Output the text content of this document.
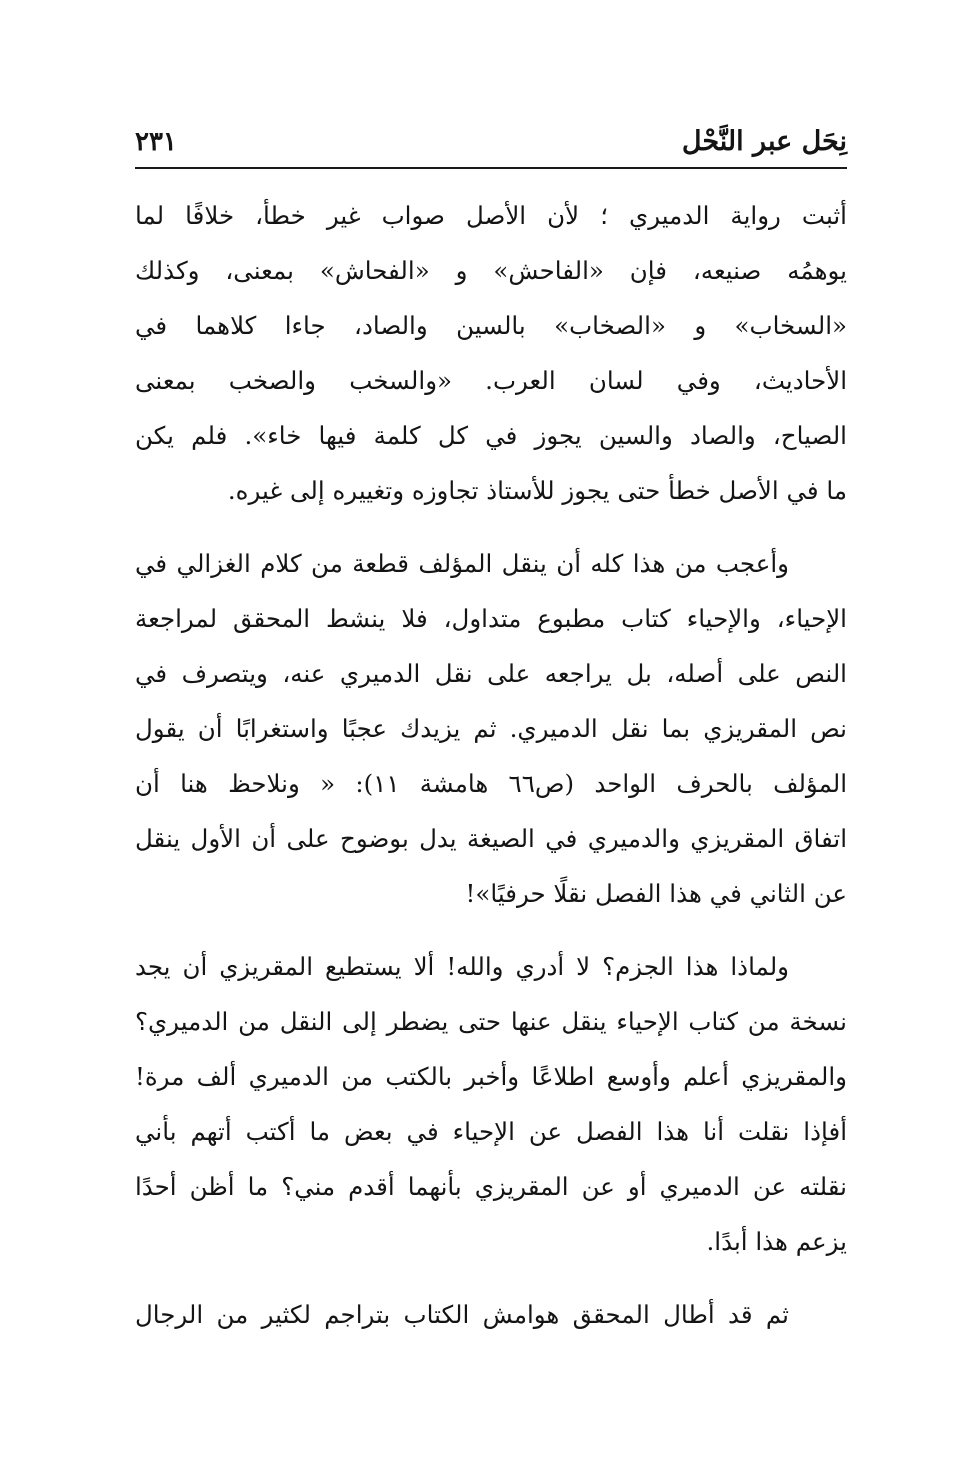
نِحَل عبر النَّحْل
٢٣١
أثبت رواية الدميري ؛ لأن الأصل صواب غير خطأ، خلافًا لما
يوهمُه صنيعه، فإن «الفاحش» و «الفحاش» بمعنى، وكذلك
«السخاب» و «الصخاب» بالسين والصاد، جاءا كلاهما في
الأحاديث، وفي لسان العرب. «والسخب والصخب بمعنى
الصياح، والصاد والسين يجوز في كل كلمة فيها خاء». فلم يكن
ما في الأصل خطأ حتى يجوز للأستاذ تجاوزه وتغييره إلى غيره.
وأعجب من هذا كله أن ينقل المؤلف قطعة من كلام الغزالي في
الإحياء، والإحياء كتاب مطبوع متداول، فلا ينشط المحقق لمراجعة
النص على أصله، بل يراجعه على نقل الدميري عنه، ويتصرف في
نص المقريزي بما نقل الدميري. ثم يزيدك عجبًا واستغرابًا أن يقول
المؤلف بالحرف الواحد (ص٦٦ هامشة ١١): « ونلاحظ هنا أن
اتفاق المقريزي والدميري في الصيغة يدل بوضوح على أن الأول ينقل
عن الثاني في هذا الفصل نقلًا حرفيًا»!
ولماذا هذا الجزم؟ لا أدري والله! ألا يستطيع المقريزي أن يجد
نسخة من كتاب الإحياء ينقل عنها حتى يضطر إلى النقل من الدميري؟
والمقريزي أعلم وأوسع اطلاعًا وأخبر بالكتب من الدميري ألف مرة!
أفإذا نقلت أنا هذا الفصل عن الإحياء في بعض ما أكتب أتهم بأني
نقلته عن الدميري أو عن المقريزي بأنهما أقدم مني؟ ما أظن أحدًا
يزعم هذا أبدًا.
ثم قد أطال المحقق هوامش الكتاب بتراجم لكثير من الرجال
